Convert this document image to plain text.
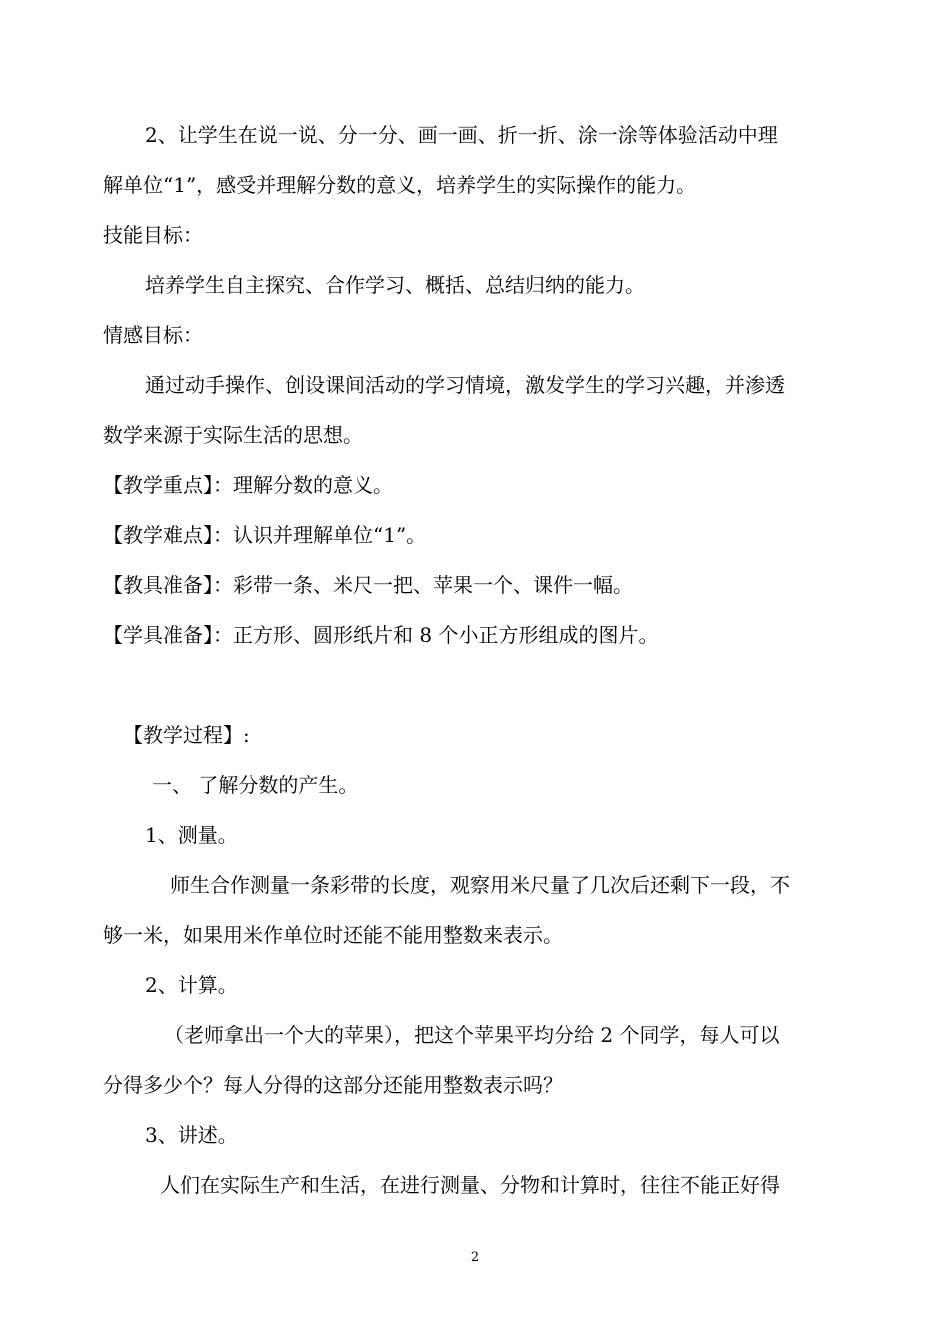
2、让学生在说一说、分一分、画一画、折一折、涂一涂等体验活动中理
解单位“1”，感受并理解分数的意义，培养学生的实际操作的能力。
技能目标：
培养学生自主探究、合作学习、概括、总结归纳的能力。
情感目标：
通过动手操作、创设课间活动的学习情境，激发学生的学习兴趣，并渗透
数学来源于实际生活的思想。
【教学重点】：理解分数的意义。
【教学难点】：认识并理解单位“1”。
【教具准备】：彩带一条、米尺一把、苹果一个、课件一幅。
【学具准备】：正方形、圆形纸片和 8 个小正方形组成的图片。
【教学过程】:
一、 了解分数的产生。
1、测量。
师生合作测量一条彩带的长度，观察用米尺量了几次后还剩下一段，不
够一米，如果用米作单位时还能不能用整数来表示。
2、计算。
（老师拿出一个大的苹果），把这个苹果平均分给 2 个同学，每人可以
分得多少个？每人分得的这部分还能用整数表示吗？
3、讲述。
人们在实际生产和生活，在进行测量、分物和计算时，往往不能正好得
2
